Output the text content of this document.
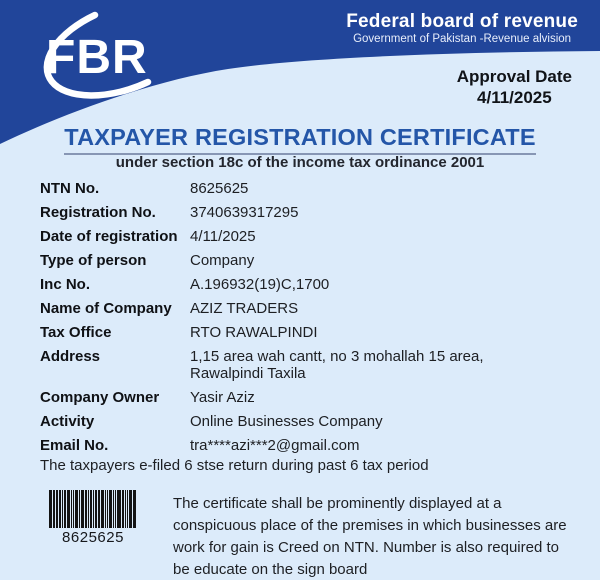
FBR
Federal board of revenue
Government of Pakistan -Revenue alvision
Approval Date
4/11/2025
TAXPAYER REGISTRATION CERTIFICATE
under section 18c of the income tax ordinance 2001
NTN No.	8625625
Registration No.	3740639317295
Date of registration 4/11/2025
Type of person	Company
Inc No.	A.196932(19)C,1700
Name of Company	AZIZ TRADERS
Tax Office	RTO RAWALPINDI
Address	1,15 area wah cantt, no 3 mohallah 15 area, Rawalpindi Taxila
Company Owner	Yasir Aziz
Activity	Online Businesses Company
Email No.	tra****azi***2@gmail.com
The taxpayers e-filed 6 stse return during past 6 tax period
8625625
The certificate shall be prominently displayed at a conspicuous place of the premises in which businesses are work for gain is Creed on NTN. Number is also required to be educate on the sign board
